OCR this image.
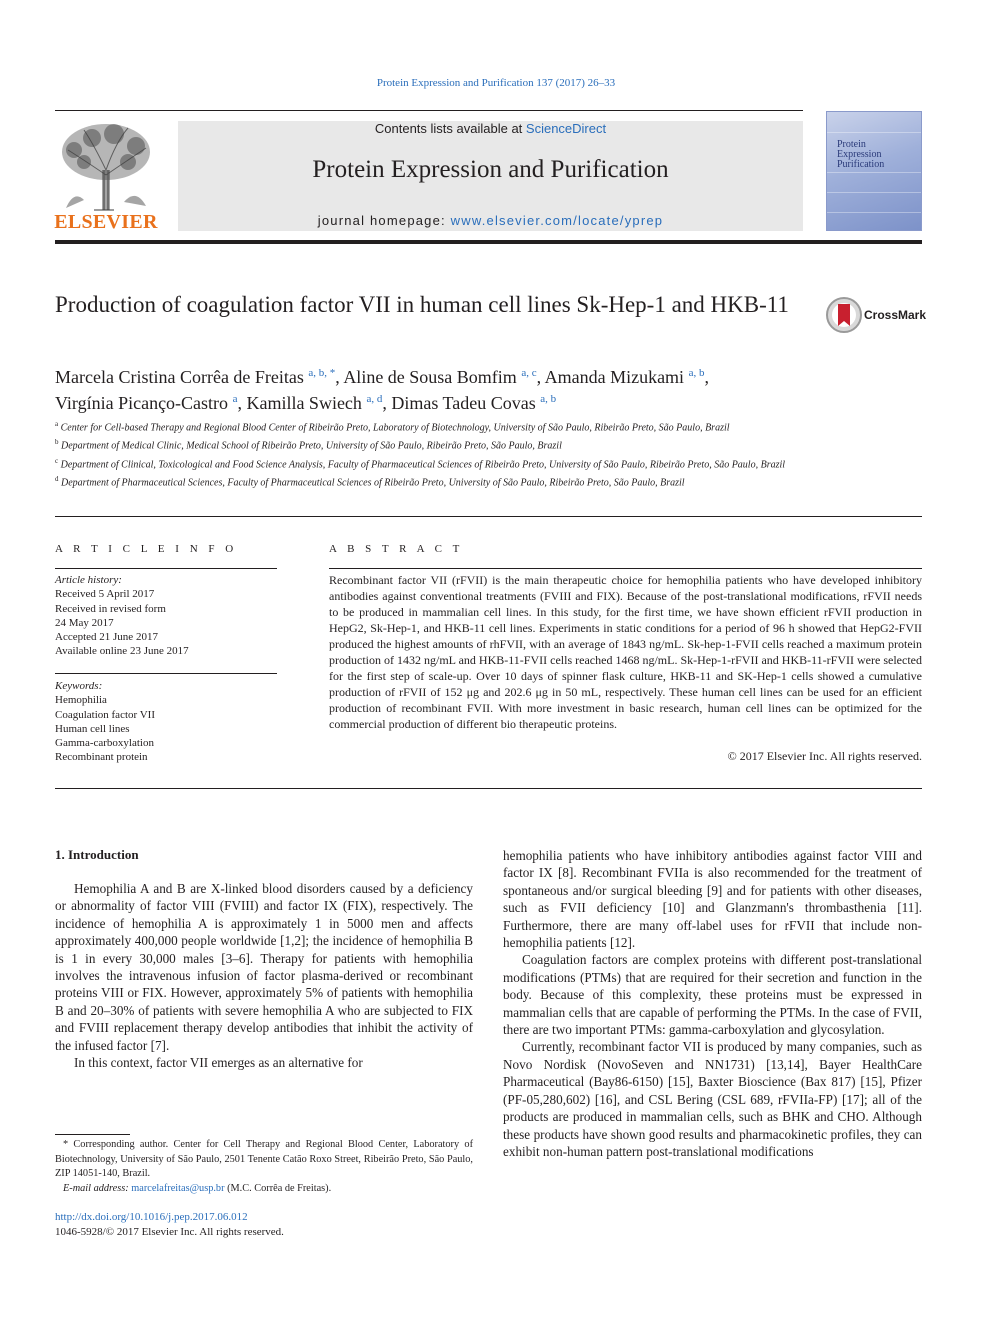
Protein Expression and Purification 137 (2017) 26–33
ELSEVIER
Contents lists available at ScienceDirect
Protein Expression and Purification
journal homepage: www.elsevier.com/locate/yprep
Protein
Expression
Purification
Production of coagulation factor VII in human cell lines Sk-Hep-1 and HKB-11	CrossMark
Marcela Cristina Corrêa de Freitas $^{a, b, *}$, Aline de Sousa Bomfim $^{a, c}$, Amanda Mizukami $^{a, b}$,
Virgínia Picanço-Castro $^a$, Kamilla Swiech $^{a, d}$, Dimas Tadeu Covas $^{a, b}$
$^a$ Center for Cell-based Therapy and Regional Blood Center of Ribeirão Preto, Laboratory of Biotechnology, University of São Paulo, Ribeirão Preto, São Paulo, Brazil
$^b$ Department of Medical Clinic, Medical School of Ribeirão Preto, University of São Paulo, Ribeirão Preto, São Paulo, Brazil
$^c$ Department of Clinical, Toxicological and Food Science Analysis, Faculty of Pharmaceutical Sciences of Ribeirão Preto, University of São Paulo, Ribeirão Preto, São Paulo, Brazil
$^d$ Department of Pharmaceutical Sciences, Faculty of Pharmaceutical Sciences of Ribeirão Preto, University of São Paulo, Ribeirão Preto, São Paulo, Brazil
A R T I C L E I N F O	A B S T R A C T
Article history:
Received 5 April 2017
Received in revised form
24 May 2017
Accepted 21 June 2017
Available online 23 June 2017
Keywords:
Hemophilia
Coagulation factor VII
Human cell lines
Gamma-carboxylation
Recombinant protein
Recombinant factor VII (rFVII) is the main therapeutic choice for hemophilia patients who have developed inhibitory antibodies against conventional treatments (FVIII and FIX). Because of the post-translational modifications, rFVII needs to be produced in mammalian cell lines. In this study, for the first time, we have shown efficient rFVII production in HepG2, Sk-Hep-1, and HKB-11 cell lines. Experiments in static conditions for a period of 96 h showed that HepG2-FVII produced the highest amounts of rhFVII, with an average of 1843 ng/mL. Sk-hep-1-FVII cells reached a maximum protein production of 1432 ng/mL and HKB-11-FVII cells reached 1468 ng/mL. Sk-Hep-1-rFVII and HKB-11-rFVII were selected for the first step of scale-up. Over 10 days of spinner flask culture, HKB-11 and SK-Hep-1 cells showed a cumulative production of rFVII of 152 μg and 202.6 μg in 50 mL, respectively. These human cell lines can be used for an efficient production of recombinant FVII. With more investment in basic research, human cell lines can be optimized for the commercial production of different bio therapeutic proteins.
© 2017 Elsevier Inc. All rights reserved.
1. Introduction

Hemophilia A and B are X-linked blood disorders caused by a deficiency or abnormality of factor VIII (FVIII) and factor IX (FIX), respectively. The incidence of hemophilia A is approximately 1 in 5000 men and affects approximately 400,000 people worldwide [1,2]; the incidence of hemophilia B is 1 in every 30,000 males [3–6]. Therapy for patients with hemophilia involves the intravenous infusion of factor plasma-derived or recombinant proteins VIII or FIX. However, approximately 5% of patients with hemophilia B and 20–30% of patients with severe hemophilia A who are subjected to FIX and FVIII replacement therapy develop antibodies that inhibit the activity of the infused factor [7].

In this context, factor VII emerges as an alternative for

hemophilia patients who have inhibitory antibodies against factor VIII and factor IX [8]. Recombinant FVIIa is also recommended for the treatment of spontaneous and/or surgical bleeding [9] and for patients with other diseases, such as FVII deficiency [10] and Glanzmann's thrombasthenia [11]. Furthermore, there are many off-label uses for rFVII that include non-hemophilia patients [12].

Coagulation factors are complex proteins with different post-translational modifications (PTMs) that are required for their secretion and function in the body. Because of this complexity, these proteins must be expressed in mammalian cells that are capable of performing the PTMs. In the case of FVII, there are two important PTMs: gamma-carboxylation and glycosylation.

Currently, recombinant factor VII is produced by many companies, such as Novo Nordisk (NovoSeven and NN1731) [13,14], Bayer HealthCare Pharmaceutical (Bay86-6150) [15], Baxter Bioscience (Bax 817) [15], Pfizer (PF-05,280,602) [16], and CSL Bering (CSL 689, rFVIIa-FP) [17]; all of the products are produced in mammalian cells, such as BHK and CHO. Although these products have shown good results and pharmacokinetic profiles, they can exhibit non-human pattern post-translational modifications

* Corresponding author. Center for Cell Therapy and Regional Blood Center, Laboratory of Biotechnology, University of São Paulo, 2501 Tenente Catão Roxo Street, Ribeirão Preto, São Paulo, ZIP 14051-140, Brazil.

E-mail address: marcelafreitas@usp.br (M.C. Corrêa de Freitas).

http://dx.doi.org/10.1016/j.pep.2017.06.012
1046-5928/© 2017 Elsevier Inc. All rights reserved.
